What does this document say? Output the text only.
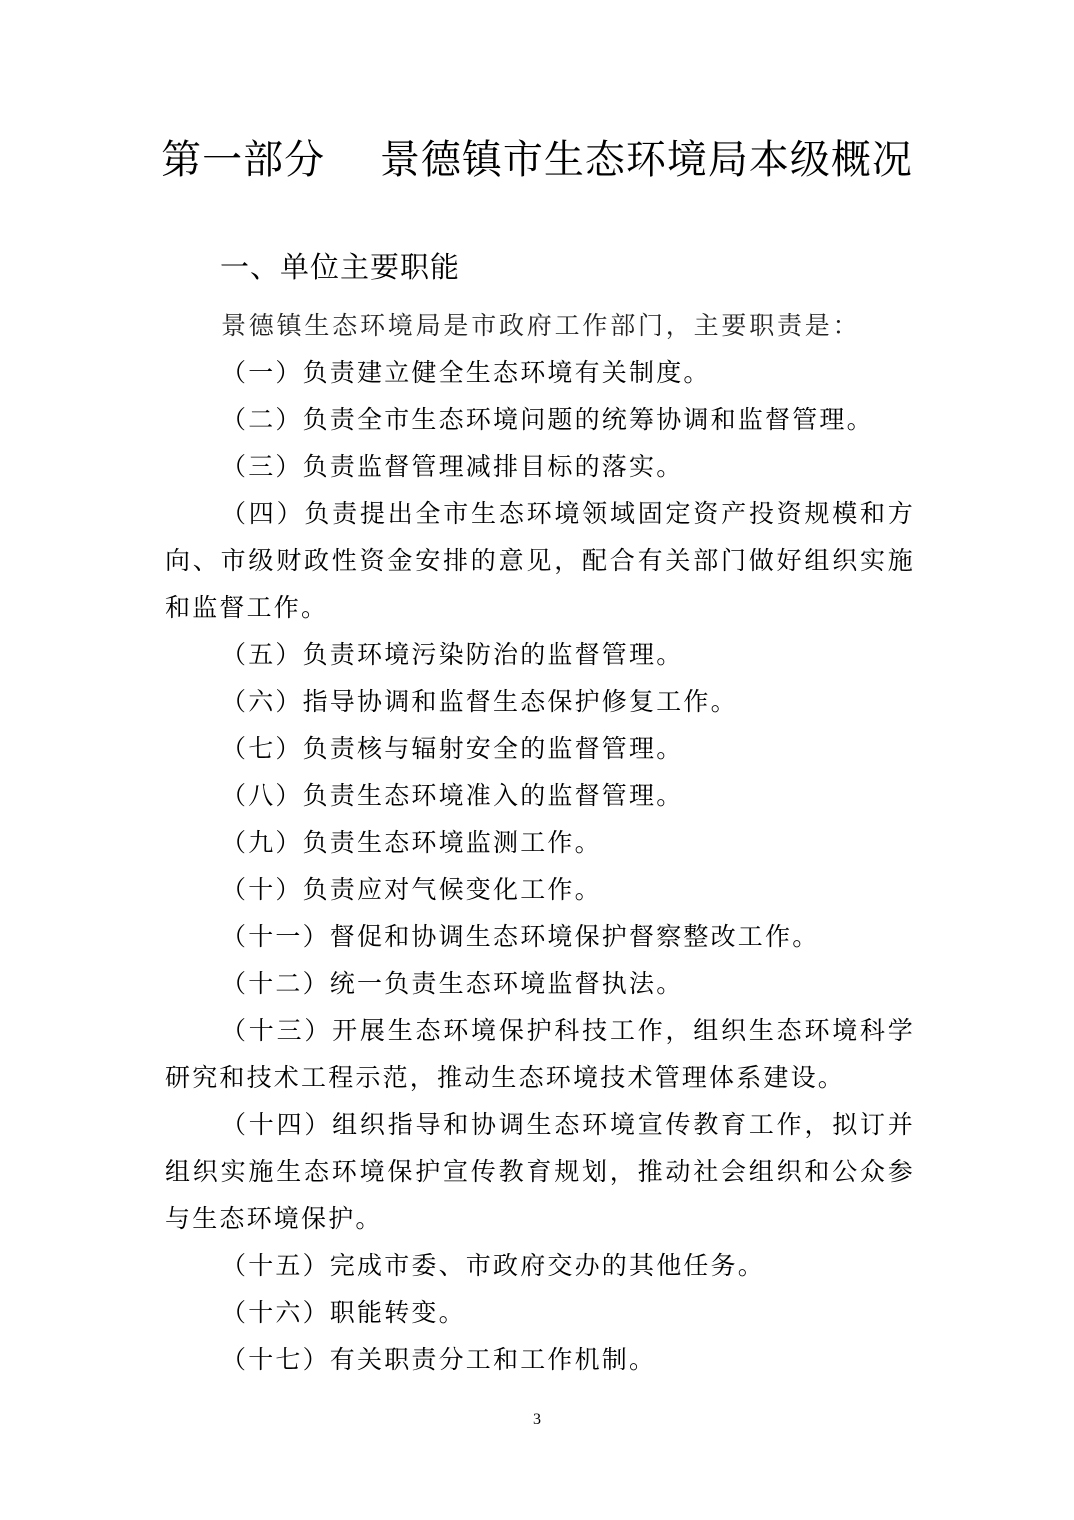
第一部分　 景德镇市生态环境局本级概况
一、单位主要职能

景德镇生态环境局是市政府工作部门，主要职责是：

（一）负责建立健全生态环境有关制度。

（二）负责全市生态环境问题的统筹协调和监督管理。

（三）负责监督管理减排目标的落实。

（四）负责提出全市生态环境领域固定资产投资规模和方向、市级财政性资金安排的意见，配合有关部门做好组织实施和监督工作。

（五）负责环境污染防治的监督管理。

（六）指导协调和监督生态保护修复工作。

（七）负责核与辐射安全的监督管理。

（八）负责生态环境准入的监督管理。

（九）负责生态环境监测工作。

（十）负责应对气候变化工作。

（十一）督促和协调生态环境保护督察整改工作。

（十二）统一负责生态环境监督执法。

（十三）开展生态环境保护科技工作，组织生态环境科学研究和技术工程示范，推动生态环境技术管理体系建设。

（十四）组织指导和协调生态环境宣传教育工作，拟订并组织实施生态环境保护宣传教育规划，推动社会组织和公众参与生态环境保护。

（十五）完成市委、市政府交办的其他任务。

（十六）职能转变。

（十七）有关职责分工和工作机制。

3
